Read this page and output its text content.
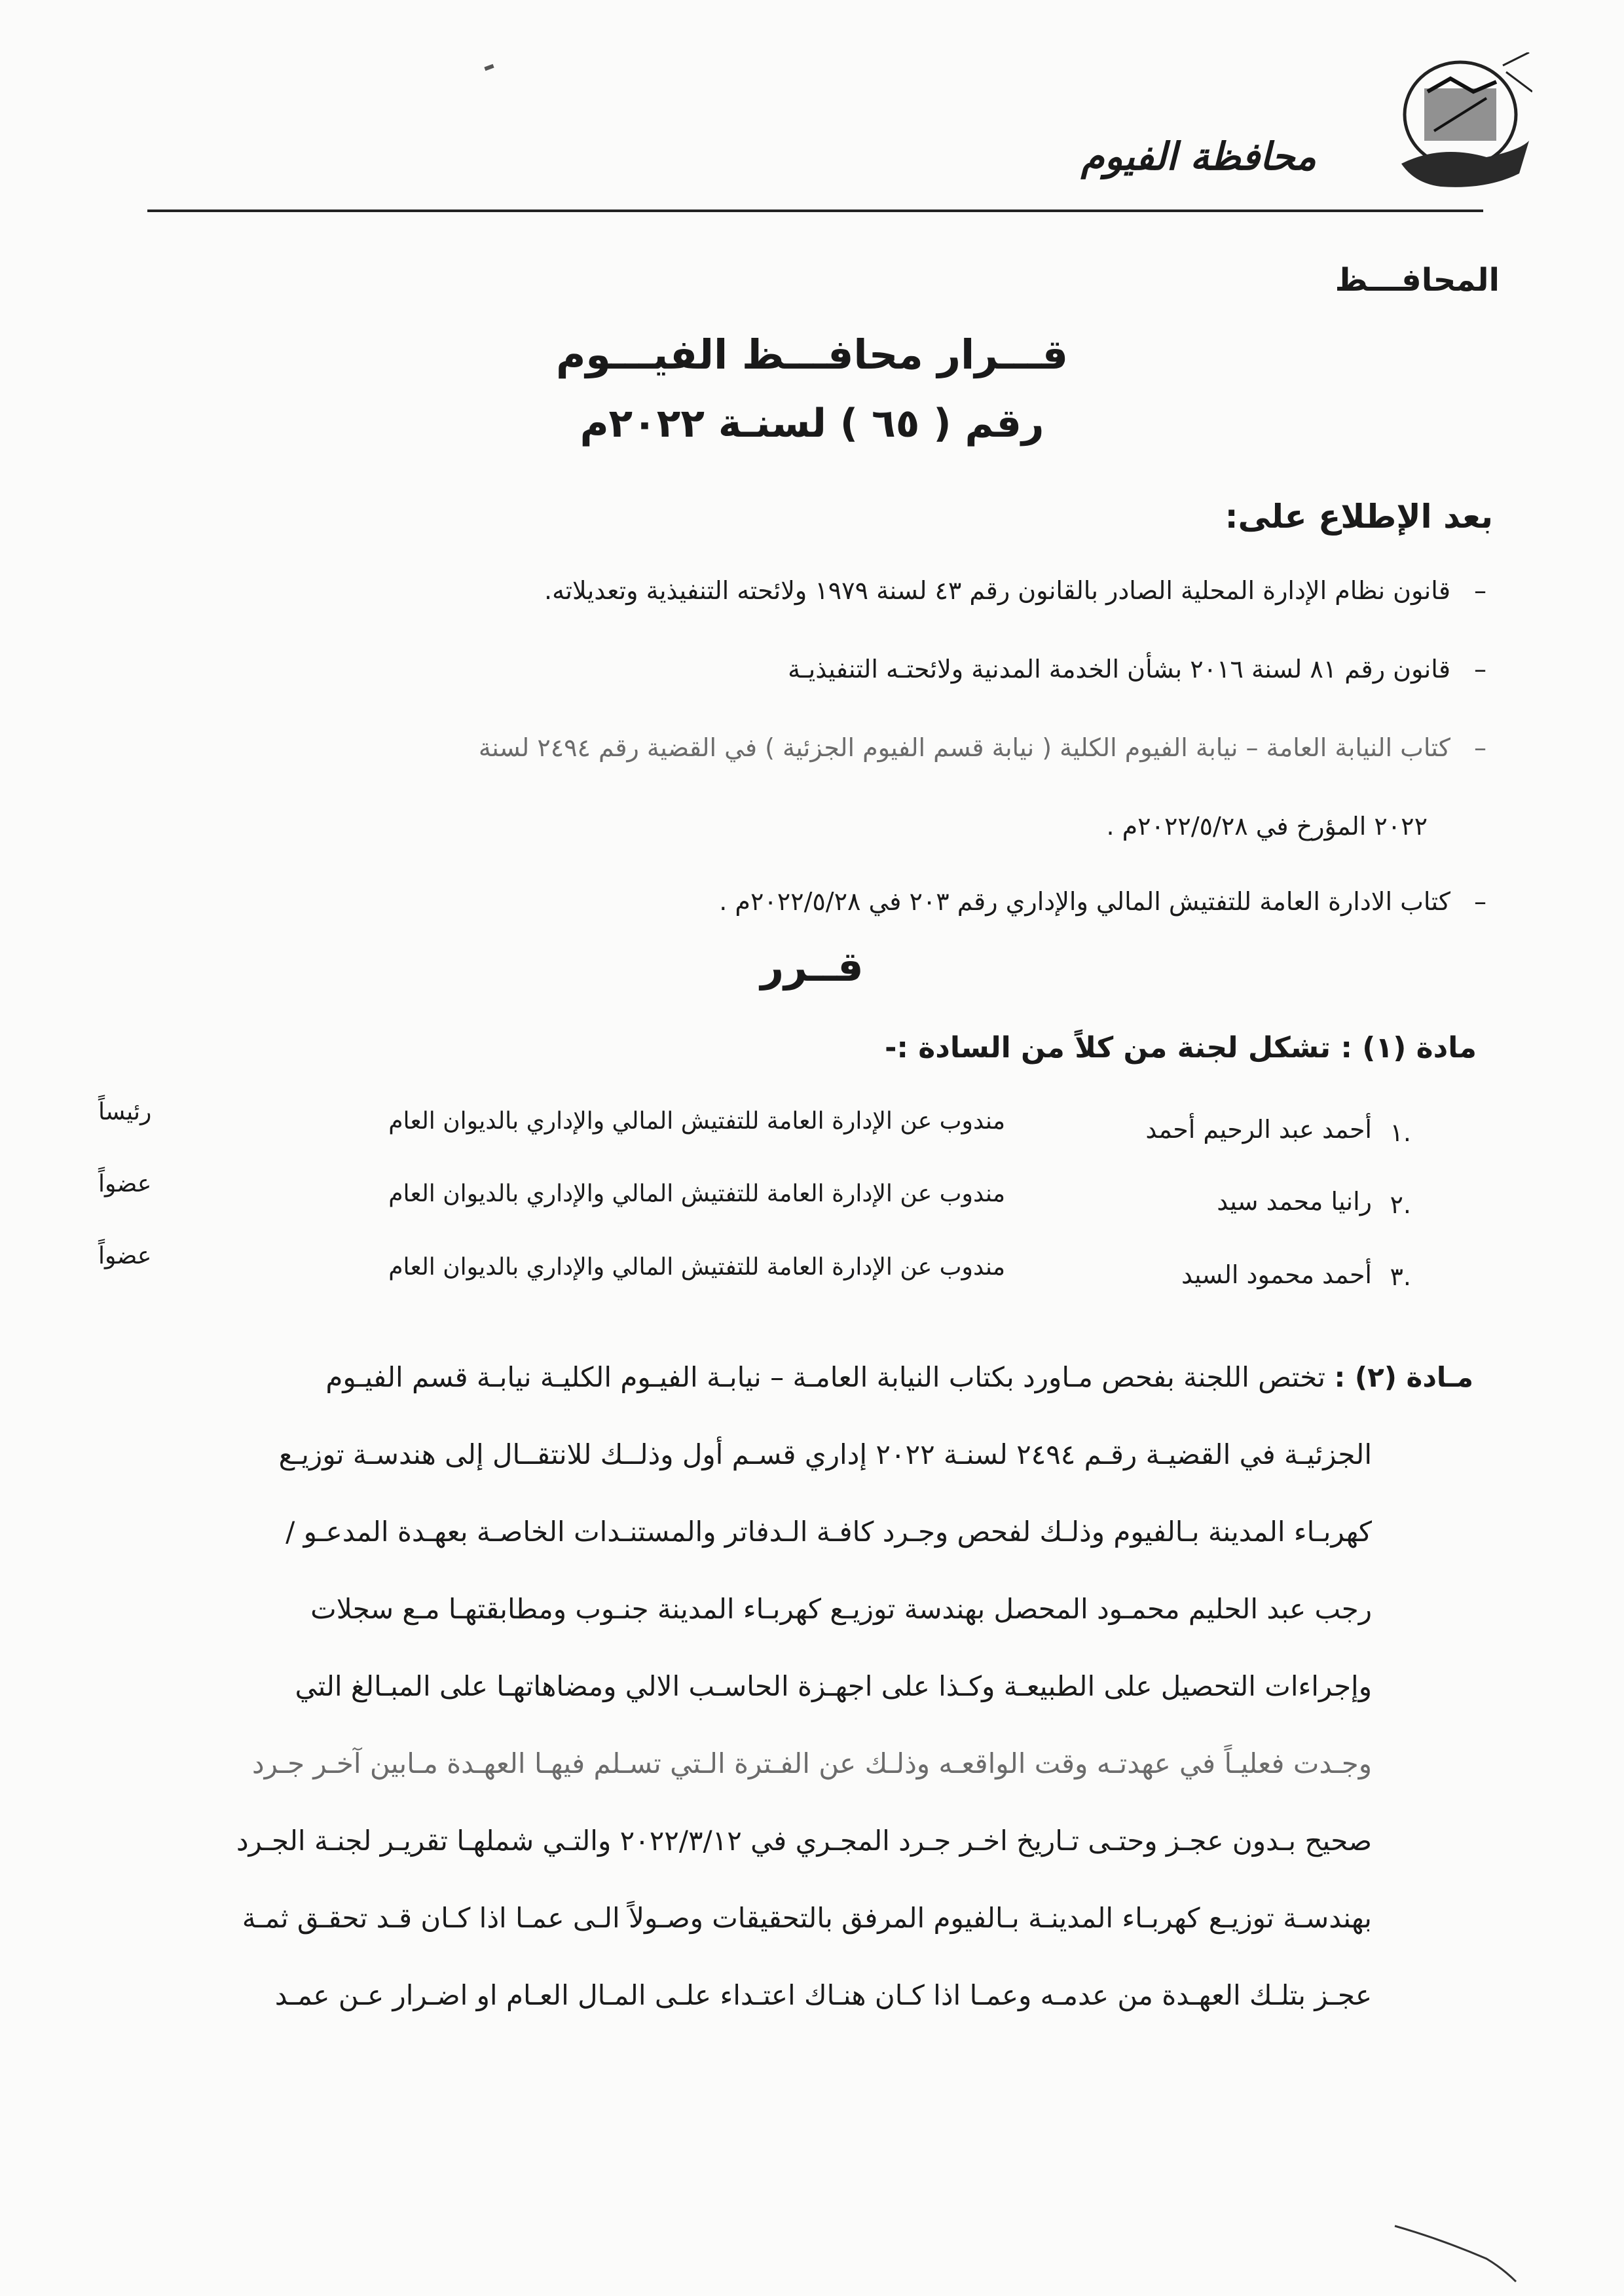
محافظة الفيوم
المحافـــظ
قـــرار محافـــظ الفيـــوم
رقم ( ٦٥ ) لسنـة ٢٠٢٢م
بعد الإطلاع على:
–قانون نظام الإدارة المحلية الصادر بالقانون رقم ٤٣ لسنة ١٩٧٩ ولائحته التنفيذية وتعديلاته.
–قانون رقم ٨١ لسنة ٢٠١٦ بشأن الخدمة المدنية ولائحتـه التنفيذيـة
–كتاب النيابة العامة – نيابة الفيوم الكلية ( نيابة قسم الفيوم الجزئية ) في القضية رقم ٢٤٩٤ لسنة
٢٠٢٢ المؤرخ في ٢٠٢٢/٥/٢٨م .
–كتاب الادارة العامة للتفتيش المالي والإداري رقم ٢٠٣ في ٢٠٢٢/٥/٢٨م .
قــرر
مادة (١) : تشكل لجنة من كلاً من السادة :-
.١
أحمد عبد الرحيم أحمد
مندوب عن الإدارة العامة للتفتيش المالي والإداري بالديوان العام
رئيساً
.٢
رانيا محمد سيد
مندوب عن الإدارة العامة للتفتيش المالي والإداري بالديوان العام
عضواً
.٣
أحمد محمود السيد
مندوب عن الإدارة العامة للتفتيش المالي والإداري بالديوان العام
عضواً
مـادة (٢) : تختص اللجنة بفحص مـاورد بكتاب النيابة العامـة – نيابـة الفيـوم الكليـة نيابـة قسم الفيـوم
الجزئيـة في القضيـة رقـم ٢٤٩٤ لسنـة ٢٠٢٢ إداري قسـم أول وذلــك للانتقــال إلى هندسـة توزيـع
كهربـاء المدينة بـالفيوم وذلـك لفحص وجـرد كافـة الـدفاتر والمستنـدات الخاصـة بعهـدة المدعـو /
رجب عبد الحليم محمـود المحصل بهندسة توزيـع كهربـاء المدينة جنـوب ومطابقتهـا مـع سجلات
وإجراءات التحصيل على الطبيعـة وكـذا على اجهـزة الحاسـب الالي ومضاهاتهـا على المبـالغ التي
وجـدت فعليـاً في عهدتـه وقت الواقعـه وذلـك عن الفـترة الـتي تسـلم فيهـا العهـدة مـابين آخـر جـرد
صحيح بـدون عجـز وحتـى تـاريخ اخـر جـرد المجـري في ٢٠٢٢/٣/١٢ والتـي شملهـا تقريـر لجنـة الجـرد
بهندسـة توزيـع كهربـاء المدينـة بـالفيوم المرفق بالتحقيقات وصـولاً الـى عمـا اذا كـان قـد تحقـق ثمـة
عجـز بتلـك العهـدة من عدمـه وعمـا اذا كـان هنـاك اعتـداء علـى المـال العـام او اضـرار عـن عمـد
